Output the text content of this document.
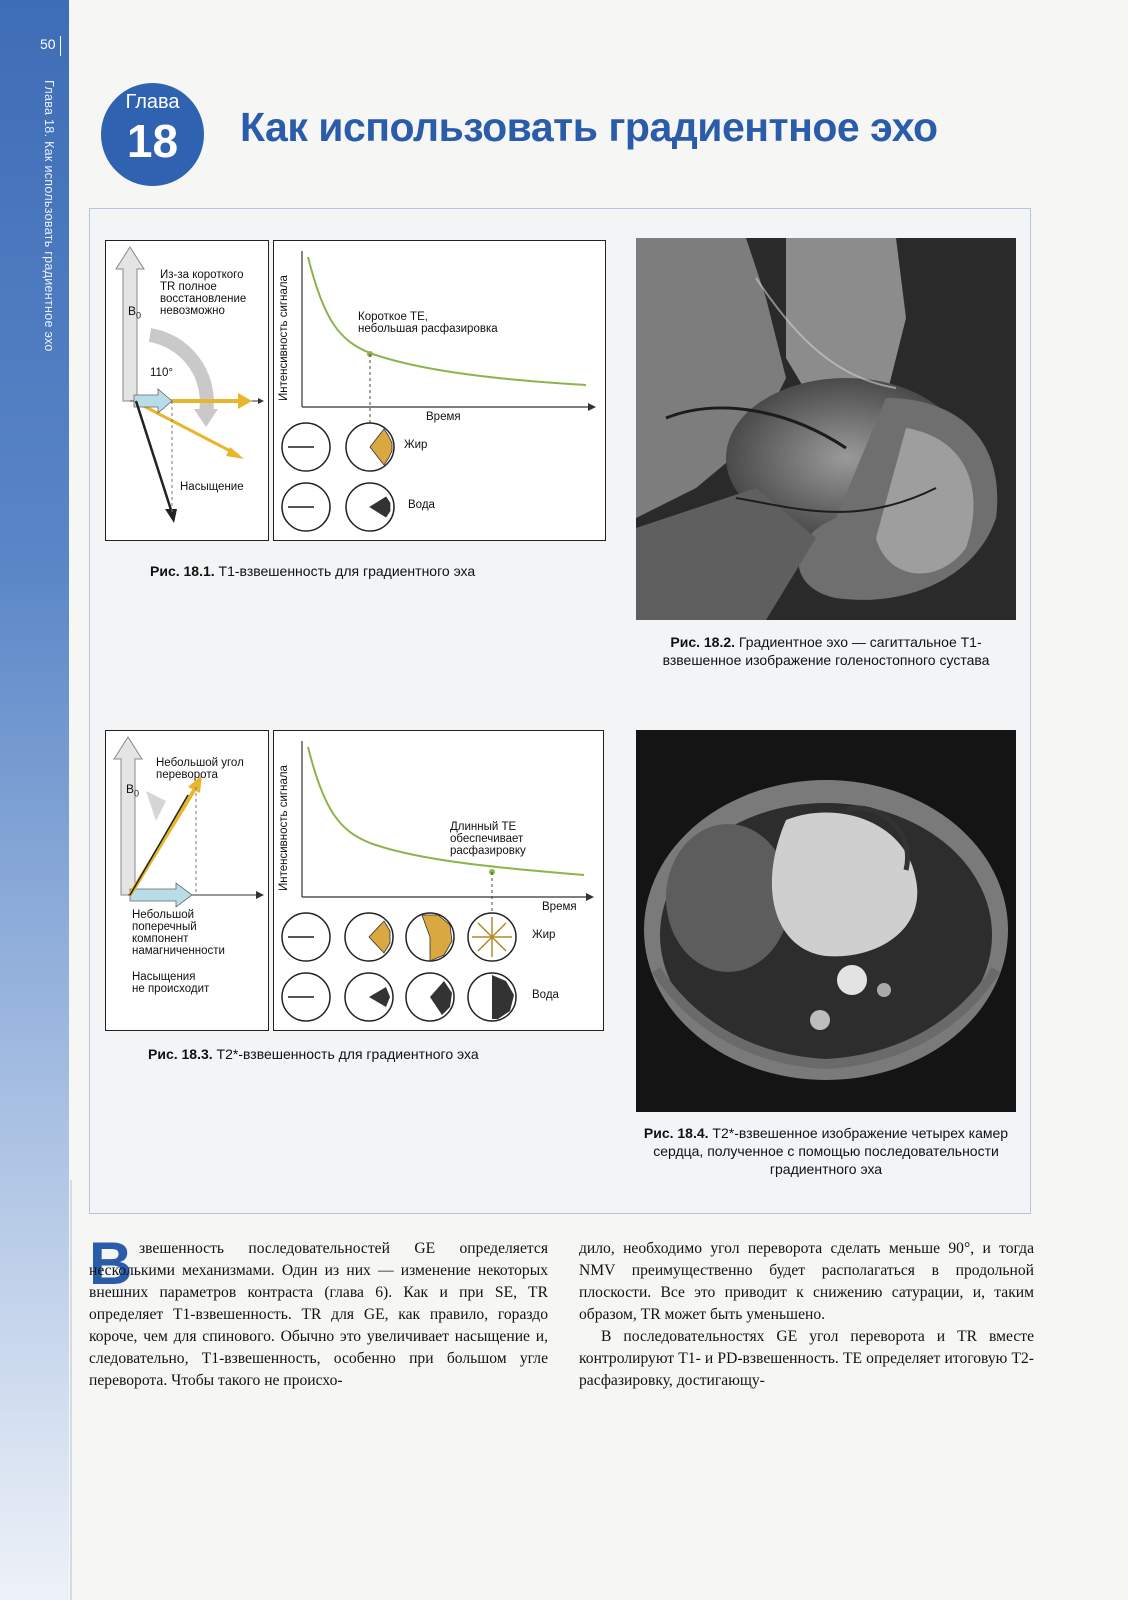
50
Глава 18. Как использовать градиентное эхо	Глава
18	Как использовать градиентное эхо
$B_0$
Из-за короткого
TR полное
восстановление
невозможно
110°
Насыщение
Интенсивность сигнала
Время
Короткое ТЕ,
небольшая расфазировка
Жир
Вода
Рис. 18.1. Т1-взвешенность для градиентного эха
Рис. 18.2. Градиентное эхо — сагиттальное Т1-взвешенное изображение голеностопного сустава
$B_0$
Небольшой угол
переворота
Небольшой
поперечный
компонент
намагниченности
Насыщения
не происходит
Интенсивность сигнала
Время
Длинный ТЕ
обеспечивает
расфазировку
Жир
Вода
Рис. 18.3. Т2*-взвешенность для градиентного эха
Рис. 18.4. Т2*-взвешенное изображение четырех камер сердца, полученное с помощью последовательности градиентного эха
В звешенность последовательностей GE определяется несколькими механизмами. Один из них — изменение некоторых внешних параметров контраста (глава 6). Как и при SE, TR определяет Т1-взвешенность. TR для GE, как правило, гораздо короче, чем для спинового. Обычно это увеличивает насыщение и, следовательно, Т1-взвешенность, особенно при большом угле переворота. Чтобы такого не происхо-
дило, необходимо угол переворота сделать меньше 90°, и тогда NMV преимущественно будет располагаться в продольной плоскости. Все это приводит к снижению сатурации, и, таким образом, TR может быть уменьшено.
В последовательностях GE угол переворота и TR вместе контролируют Т1- и PD-взвешенность. ТЕ определяет итоговую Т2-расфазировку, достигающу-
